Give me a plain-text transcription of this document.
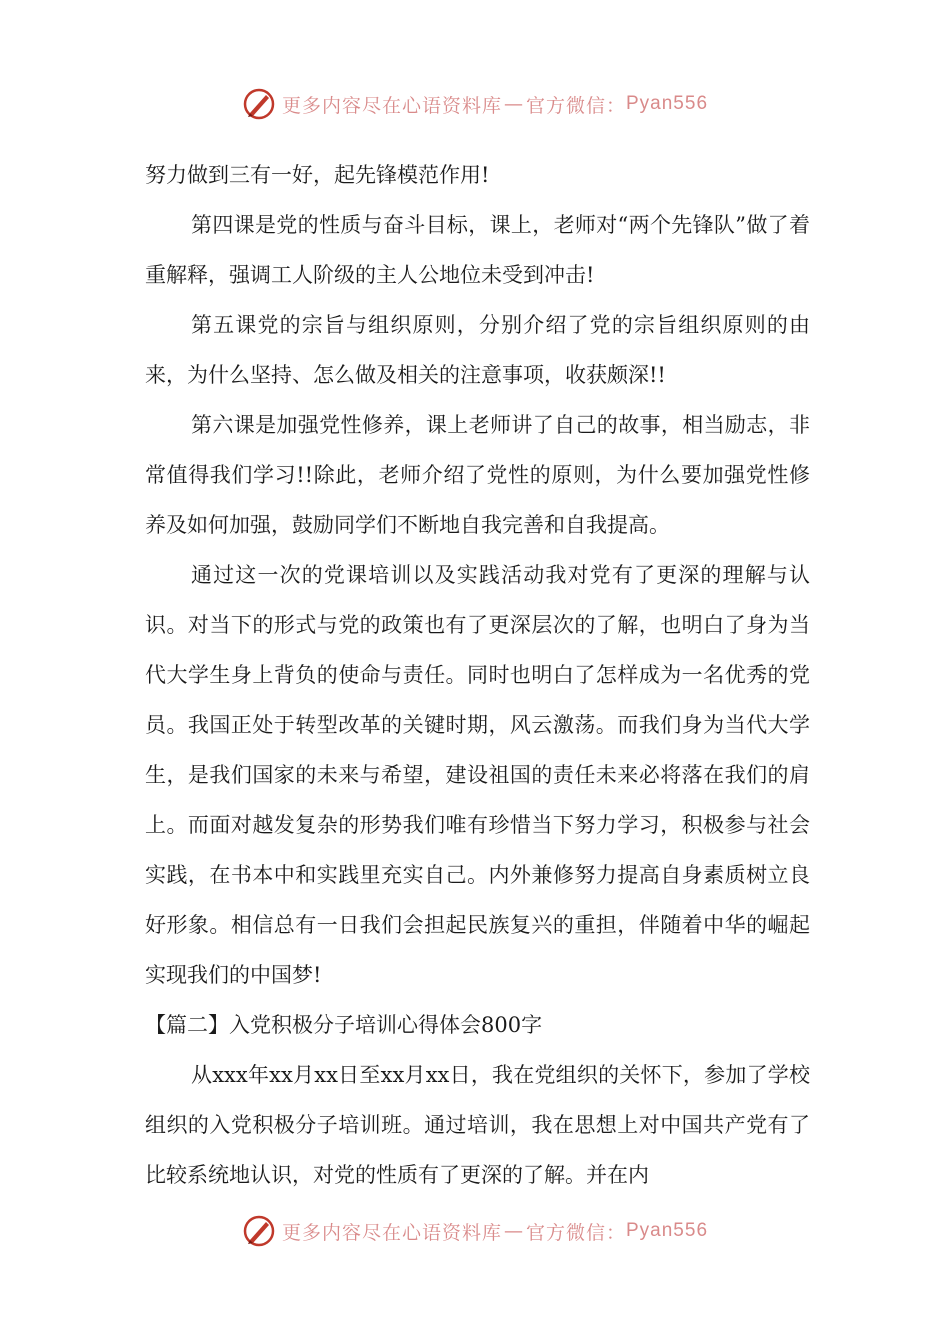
更多内容尽在心语资料库 — 官方微信： Pyan556

努力做到三有一好，起先锋模范作用!

第四课是党的性质与奋斗目标，课上，老师对“两个先锋队”做了着重解释，强调工人阶级的主人公地位未受到冲击!

第五课党的宗旨与组织原则，分别介绍了党的宗旨组织原则的由来，为什么坚持、怎么做及相关的注意事项，收获颇深!!

第六课是加强党性修养，课上老师讲了自己的故事，相当励志，非常值得我们学习!!除此，老师介绍了党性的原则，为什么要加强党性修养及如何加强，鼓励同学们不断地自我完善和自我提高。

通过这一次的党课培训以及实践活动我对党有了更深的理解与认识。对当下的形式与党的政策也有了更深层次的了解，也明白了身为当代大学生身上背负的使命与责任。同时也明白了怎样成为一名优秀的党员。我国正处于转型改革的关键时期，风云激荡。而我们身为当代大学生，是我们国家的未来与希望，建设祖国的责任未来必将落在我们的肩上。而面对越发复杂的形势我们唯有珍惜当下努力学习，积极参与社会实践，在书本中和实践里充实自己。内外兼修努力提高自身素质树立良好形象。相信总有一日我们会担起民族复兴的重担，伴随着中华的崛起实现我们的中国梦!

【篇二】入党积极分子培训心得体会800字

从xxx年xx月xx日至xx月xx日，我在党组织的关怀下，参加了学校组织的入党积极分子培训班。通过培训，我在思想上对中国共产党有了比较系统地认识，对党的性质有了更深的了解。并在内

更多内容尽在心语资料库 — 官方微信： Pyan556
